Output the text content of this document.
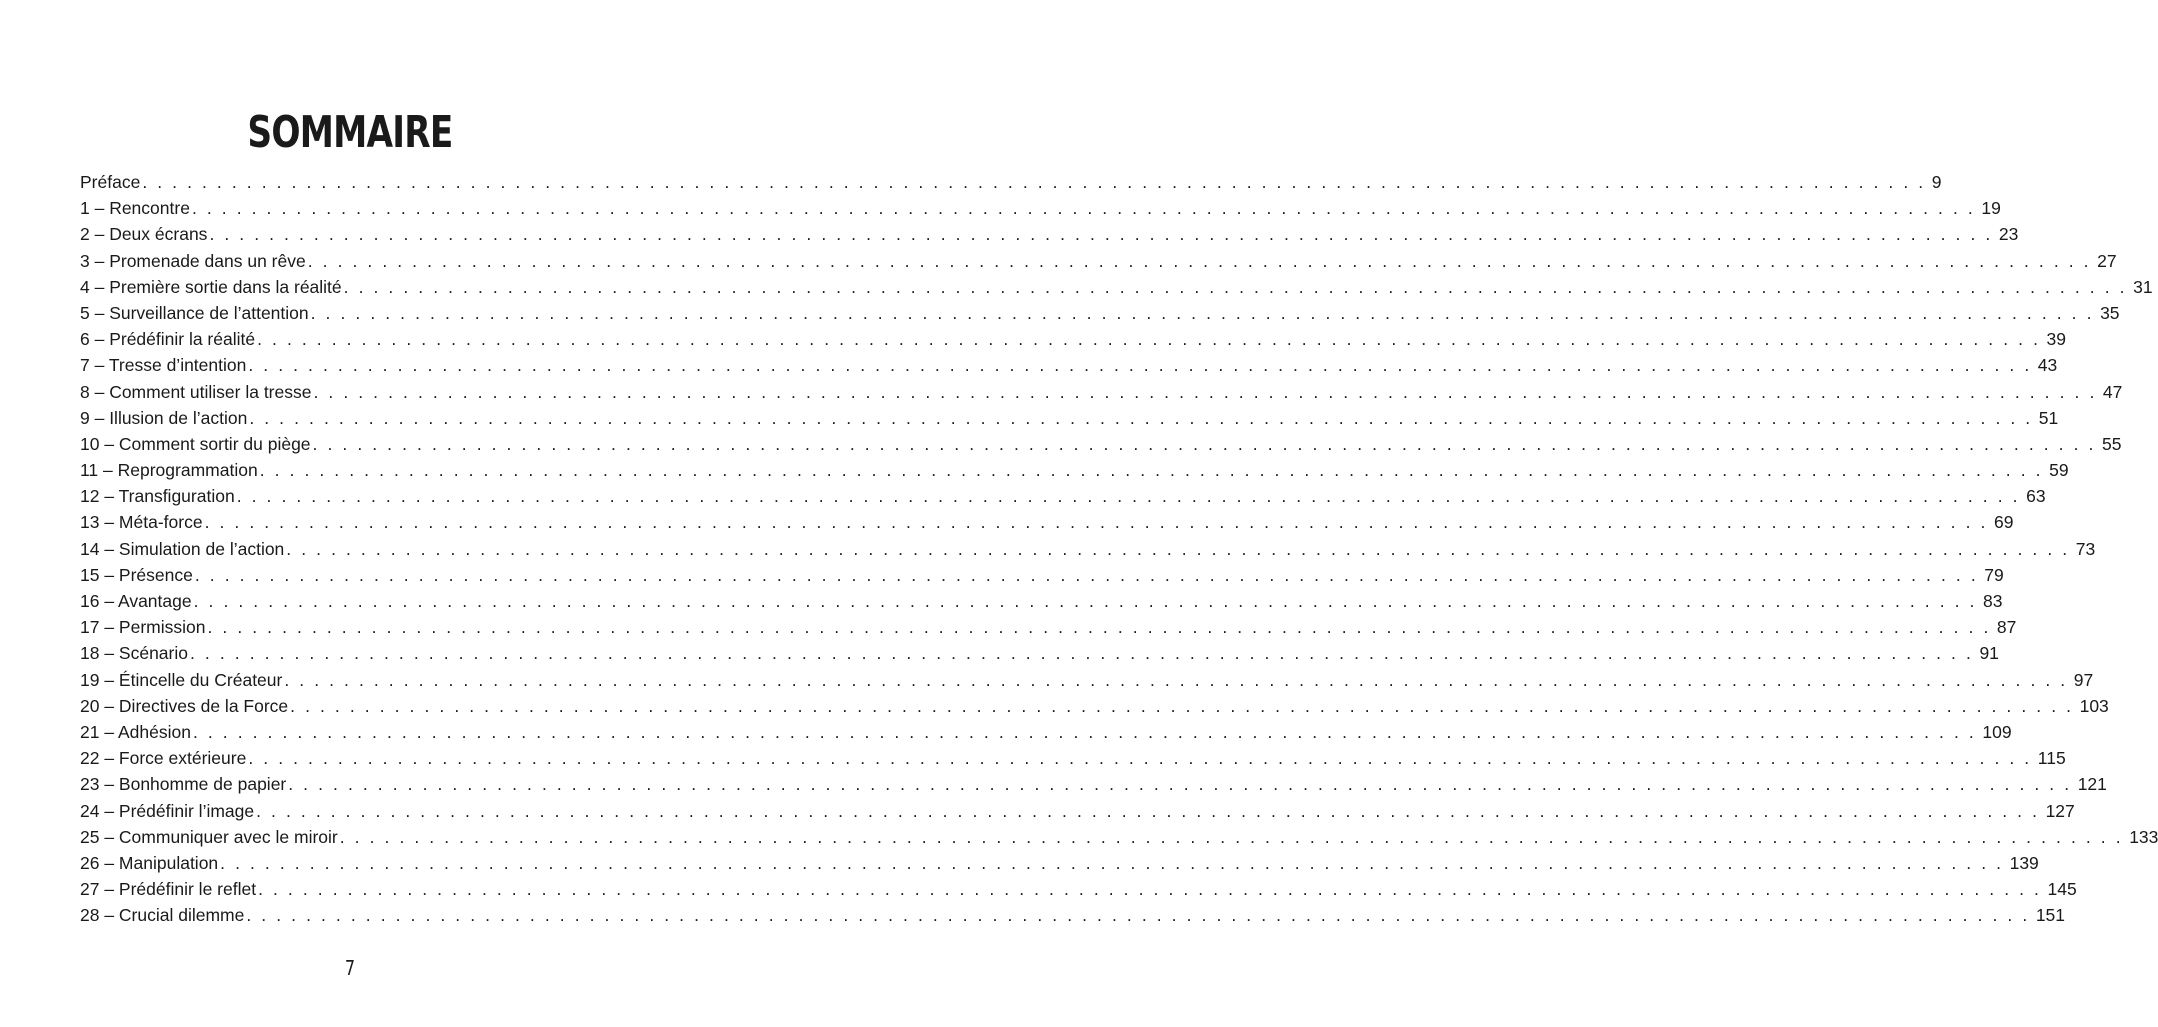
SOMMAIRE
Préface . . . . . . . . . . . . . . . . . . . . . . . . . . . . . . . . . . . . . . . . . . . . . . . . . . . . . . . . . . . . . . . . . . . . . . . . . . . . . . . . . . . . . . . . . . . . . . . . . . . . . . . . . . . . . . . . . . . . . . . . 9
1 – Rencontre . . . . . . . . . . . . . . . . . . . . . . . . . . . . . . . . . . . . . . . . . . . . . . . . . . . . . . . . . . . . . . . . . . . . . . . . . . . . . . . . . . . . . . . . . . . . . . . . . . . . . . . . . . . . . . . . . . . . . . . . 19
2 – Deux écrans . . . . . . . . . . . . . . . . . . . . . . . . . . . . . . . . . . . . . . . . . . . . . . . . . . . . . . . . . . . . . . . . . . . . . . . . . . . . . . . . . . . . . . . . . . . . . . . . . . . . . . . . . . . . . . . . . . . . . . . . 23
3 – Promenade dans un rêve . . . . . . . . . . . . . . . . . . . . . . . . . . . . . . . . . . . . . . . . . . . . . . . . . . . . . . . . . . . . . . . . . . . . . . . . . . . . . . . . . . . . . . . . . . . . . . . . . . . . . . . . . . . . . . . . . . . . . . . . 27
4 – Première sortie dans la réalité . . . . . . . . . . . . . . . . . . . . . . . . . . . . . . . . . . . . . . . . . . . . . . . . . . . . . . . . . . . . . . . . . . . . . . . . . . . . . . . . . . . . . . . . . . . . . . . . . . . . . . . . . . . . . . . . . . . . . . . . 31
5 – Surveillance de l’attention . . . . . . . . . . . . . . . . . . . . . . . . . . . . . . . . . . . . . . . . . . . . . . . . . . . . . . . . . . . . . . . . . . . . . . . . . . . . . . . . . . . . . . . . . . . . . . . . . . . . . . . . . . . . . . . . . . . . . . . . 35
6 – Prédéfinir la réalité . . . . . . . . . . . . . . . . . . . . . . . . . . . . . . . . . . . . . . . . . . . . . . . . . . . . . . . . . . . . . . . . . . . . . . . . . . . . . . . . . . . . . . . . . . . . . . . . . . . . . . . . . . . . . . . . . . . . . . . . 39
7 – Tresse d’intention . . . . . . . . . . . . . . . . . . . . . . . . . . . . . . . . . . . . . . . . . . . . . . . . . . . . . . . . . . . . . . . . . . . . . . . . . . . . . . . . . . . . . . . . . . . . . . . . . . . . . . . . . . . . . . . . . . . . . . . . 43
8 – Comment utiliser la tresse . . . . . . . . . . . . . . . . . . . . . . . . . . . . . . . . . . . . . . . . . . . . . . . . . . . . . . . . . . . . . . . . . . . . . . . . . . . . . . . . . . . . . . . . . . . . . . . . . . . . . . . . . . . . . . . . . . . . . . . . 47
9 – Illusion de l’action . . . . . . . . . . . . . . . . . . . . . . . . . . . . . . . . . . . . . . . . . . . . . . . . . . . . . . . . . . . . . . . . . . . . . . . . . . . . . . . . . . . . . . . . . . . . . . . . . . . . . . . . . . . . . . . . . . . . . . . . 51
10 – Comment sortir du piège . . . . . . . . . . . . . . . . . . . . . . . . . . . . . . . . . . . . . . . . . . . . . . . . . . . . . . . . . . . . . . . . . . . . . . . . . . . . . . . . . . . . . . . . . . . . . . . . . . . . . . . . . . . . . . . . . . . . . . . . 55
11 – Reprogrammation . . . . . . . . . . . . . . . . . . . . . . . . . . . . . . . . . . . . . . . . . . . . . . . . . . . . . . . . . . . . . . . . . . . . . . . . . . . . . . . . . . . . . . . . . . . . . . . . . . . . . . . . . . . . . . . . . . . . . . . . 59
12 – Transfiguration . . . . . . . . . . . . . . . . . . . . . . . . . . . . . . . . . . . . . . . . . . . . . . . . . . . . . . . . . . . . . . . . . . . . . . . . . . . . . . . . . . . . . . . . . . . . . . . . . . . . . . . . . . . . . . . . . . . . . . . . 63
13 – Méta-force . . . . . . . . . . . . . . . . . . . . . . . . . . . . . . . . . . . . . . . . . . . . . . . . . . . . . . . . . . . . . . . . . . . . . . . . . . . . . . . . . . . . . . . . . . . . . . . . . . . . . . . . . . . . . . . . . . . . . . . . 69
14 – Simulation de l’action . . . . . . . . . . . . . . . . . . . . . . . . . . . . . . . . . . . . . . . . . . . . . . . . . . . . . . . . . . . . . . . . . . . . . . . . . . . . . . . . . . . . . . . . . . . . . . . . . . . . . . . . . . . . . . . . . . . . . . . . 73
15 – Présence . . . . . . . . . . . . . . . . . . . . . . . . . . . . . . . . . . . . . . . . . . . . . . . . . . . . . . . . . . . . . . . . . . . . . . . . . . . . . . . . . . . . . . . . . . . . . . . . . . . . . . . . . . . . . . . . . . . . . . . . 79
16 – Avantage . . . . . . . . . . . . . . . . . . . . . . . . . . . . . . . . . . . . . . . . . . . . . . . . . . . . . . . . . . . . . . . . . . . . . . . . . . . . . . . . . . . . . . . . . . . . . . . . . . . . . . . . . . . . . . . . . . . . . . . . 83
17 – Permission . . . . . . . . . . . . . . . . . . . . . . . . . . . . . . . . . . . . . . . . . . . . . . . . . . . . . . . . . . . . . . . . . . . . . . . . . . . . . . . . . . . . . . . . . . . . . . . . . . . . . . . . . . . . . . . . . . . . . . . . 87
18 – Scénario . . . . . . . . . . . . . . . . . . . . . . . . . . . . . . . . . . . . . . . . . . . . . . . . . . . . . . . . . . . . . . . . . . . . . . . . . . . . . . . . . . . . . . . . . . . . . . . . . . . . . . . . . . . . . . . . . . . . . . . . 91
19 – Étincelle du Créateur . . . . . . . . . . . . . . . . . . . . . . . . . . . . . . . . . . . . . . . . . . . . . . . . . . . . . . . . . . . . . . . . . . . . . . . . . . . . . . . . . . . . . . . . . . . . . . . . . . . . . . . . . . . . . . . . . . . . . . . . 97
20 – Directives de la Force . . . . . . . . . . . . . . . . . . . . . . . . . . . . . . . . . . . . . . . . . . . . . . . . . . . . . . . . . . . . . . . . . . . . . . . . . . . . . . . . . . . . . . . . . . . . . . . . . . . . . . . . . . . . . . . . . . . . . . . . 103
21 – Adhésion . . . . . . . . . . . . . . . . . . . . . . . . . . . . . . . . . . . . . . . . . . . . . . . . . . . . . . . . . . . . . . . . . . . . . . . . . . . . . . . . . . . . . . . . . . . . . . . . . . . . . . . . . . . . . . . . . . . . . . . . 109
22 – Force extérieure . . . . . . . . . . . . . . . . . . . . . . . . . . . . . . . . . . . . . . . . . . . . . . . . . . . . . . . . . . . . . . . . . . . . . . . . . . . . . . . . . . . . . . . . . . . . . . . . . . . . . . . . . . . . . . . . . . . . . . . . 115
23 – Bonhomme de papier . . . . . . . . . . . . . . . . . . . . . . . . . . . . . . . . . . . . . . . . . . . . . . . . . . . . . . . . . . . . . . . . . . . . . . . . . . . . . . . . . . . . . . . . . . . . . . . . . . . . . . . . . . . . . . . . . . . . . . . . 121
24 – Prédéfinir l’image . . . . . . . . . . . . . . . . . . . . . . . . . . . . . . . . . . . . . . . . . . . . . . . . . . . . . . . . . . . . . . . . . . . . . . . . . . . . . . . . . . . . . . . . . . . . . . . . . . . . . . . . . . . . . . . . . . . . . . . . 127
25 – Communiquer avec le miroir . . . . . . . . . . . . . . . . . . . . . . . . . . . . . . . . . . . . . . . . . . . . . . . . . . . . . . . . . . . . . . . . . . . . . . . . . . . . . . . . . . . . . . . . . . . . . . . . . . . . . . . . . . . . . . . . . . . . . . . . 133
26 – Manipulation . . . . . . . . . . . . . . . . . . . . . . . . . . . . . . . . . . . . . . . . . . . . . . . . . . . . . . . . . . . . . . . . . . . . . . . . . . . . . . . . . . . . . . . . . . . . . . . . . . . . . . . . . . . . . . . . . . . . . . . . 139
27 – Prédéfinir le reflet . . . . . . . . . . . . . . . . . . . . . . . . . . . . . . . . . . . . . . . . . . . . . . . . . . . . . . . . . . . . . . . . . . . . . . . . . . . . . . . . . . . . . . . . . . . . . . . . . . . . . . . . . . . . . . . . . . . . . . . . 145
28 – Crucial dilemme . . . . . . . . . . . . . . . . . . . . . . . . . . . . . . . . . . . . . . . . . . . . . . . . . . . . . . . . . . . . . . . . . . . . . . . . . . . . . . . . . . . . . . . . . . . . . . . . . . . . . . . . . . . . . . . . . . . . . . . . 151
7
